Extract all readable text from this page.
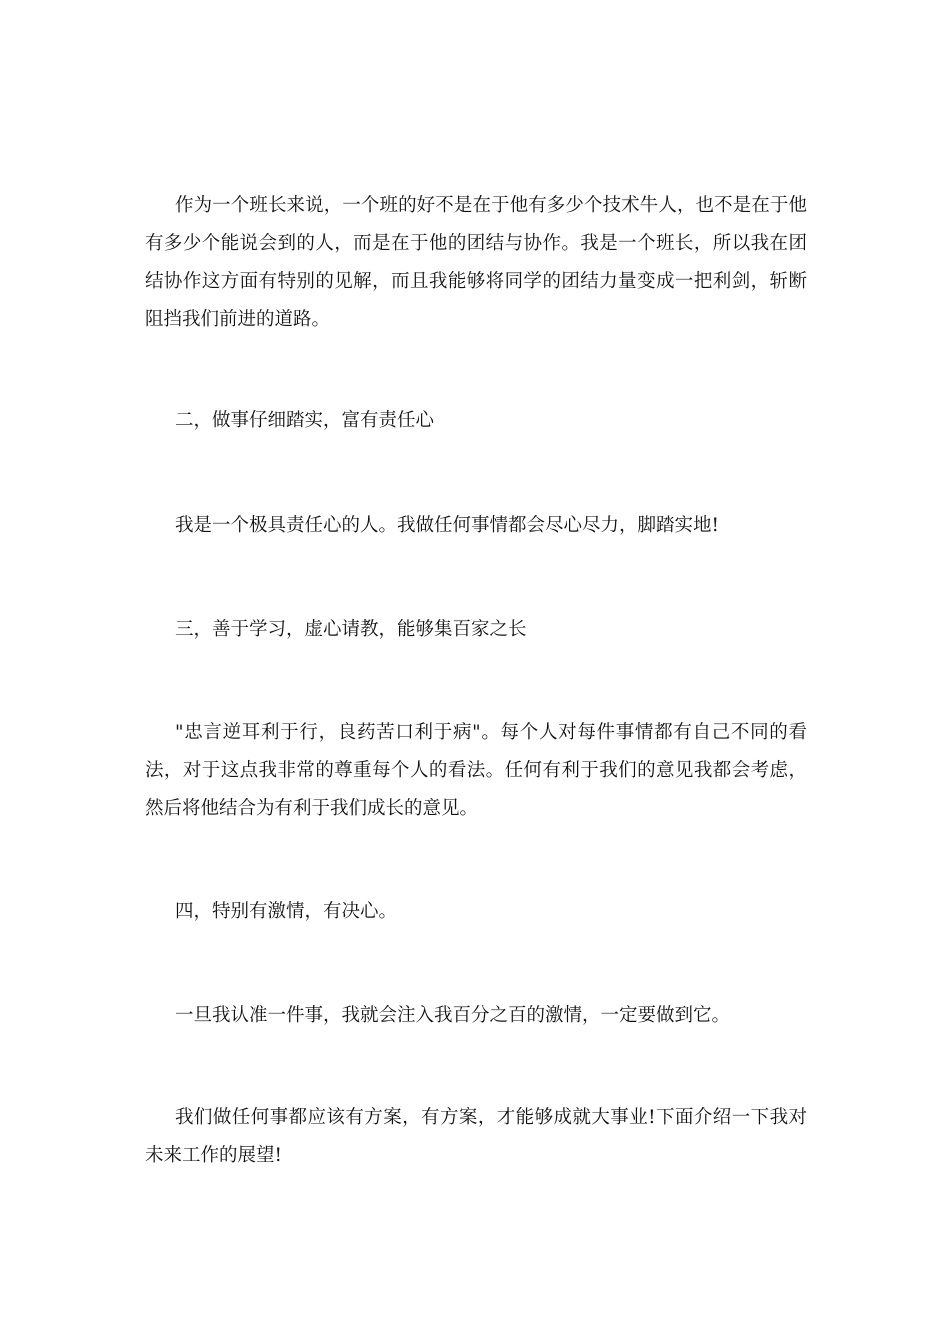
作为一个班长来说，一个班的好不是在于他有多少个技术牛人，也不是在于他有多少个能说会到的人，而是在于他的团结与协作。我是一个班长，所以我在团结协作这方面有特别的见解，而且我能够将同学的团结力量变成一把利剑，斩断阻挡我们前进的道路。

二，做事仔细踏实，富有责任心

我是一个极具责任心的人。我做任何事情都会尽心尽力，脚踏实地!

三，善于学习，虚心请教，能够集百家之长

"忠言逆耳利于行，良药苦口利于病"。每个人对每件事情都有自己不同的看法，对于这点我非常的尊重每个人的看法。任何有利于我们的意见我都会考虑，然后将他结合为有利于我们成长的意见。

四，特别有激情，有决心。

一旦我认准一件事，我就会注入我百分之百的激情，一定要做到它。

我们做任何事都应该有方案，有方案，才能够成就大事业!下面介绍一下我对未来工作的展望!
